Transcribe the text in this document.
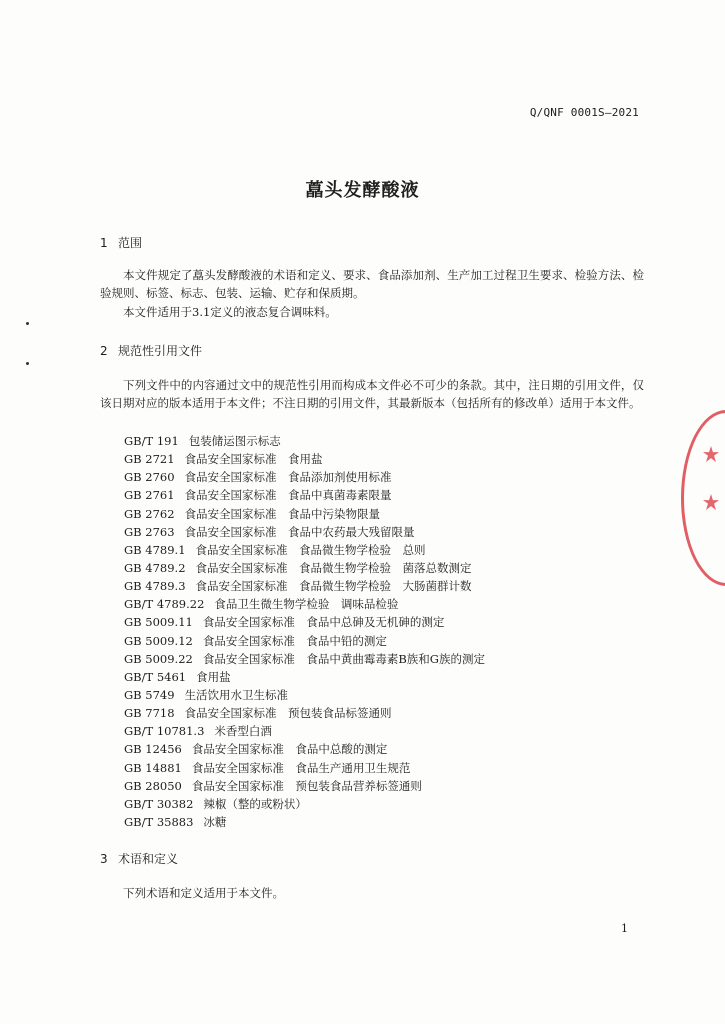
Q/QNF 0001S—2021
藠头发酵酸液
1 范围
本文件规定了藠头发酵酸液的术语和定义、要求、食品添加剂、生产加工过程卫生要求、检验方法、检验规则、标签、标志、包装、运输、贮存和保质期。
本文件适用于3.1定义的液态复合调味料。
2 规范性引用文件
下列文件中的内容通过文中的规范性引用而构成本文件必不可少的条款。其中，注日期的引用文件，仅该日期对应的版本适用于本文件；不注日期的引用文件，其最新版本（包括所有的修改单）适用于本文件。
GB/T 191 包装储运图示标志
GB 2721 食品安全国家标准　食用盐
GB 2760 食品安全国家标准　食品添加剂使用标准
GB 2761 食品安全国家标准　食品中真菌毒素限量
GB 2762 食品安全国家标准　食品中污染物限量
GB 2763 食品安全国家标准　食品中农药最大残留限量
GB 4789.1 食品安全国家标准　食品微生物学检验　总则
GB 4789.2 食品安全国家标准　食品微生物学检验　菌落总数测定
GB 4789.3 食品安全国家标准　食品微生物学检验　大肠菌群计数
GB/T 4789.22 食品卫生微生物学检验　调味品检验
GB 5009.11 食品安全国家标准　食品中总砷及无机砷的测定
GB 5009.12 食品安全国家标准　食品中铅的测定
GB 5009.22 食品安全国家标准　食品中黄曲霉毒素B族和G族的测定
GB/T 5461 食用盐
GB 5749 生活饮用水卫生标准
GB 7718 食品安全国家标准　预包装食品标签通则
GB/T 10781.3 米香型白酒
GB 12456 食品安全国家标准　食品中总酸的测定
GB 14881 食品安全国家标准　食品生产通用卫生规范
GB 28050 食品安全国家标准　预包装食品营养标签通则
GB/T 30382 辣椒（整的或粉状）
GB/T 35883 冰糖
3 术语和定义
下列术语和定义适用于本文件。
1
